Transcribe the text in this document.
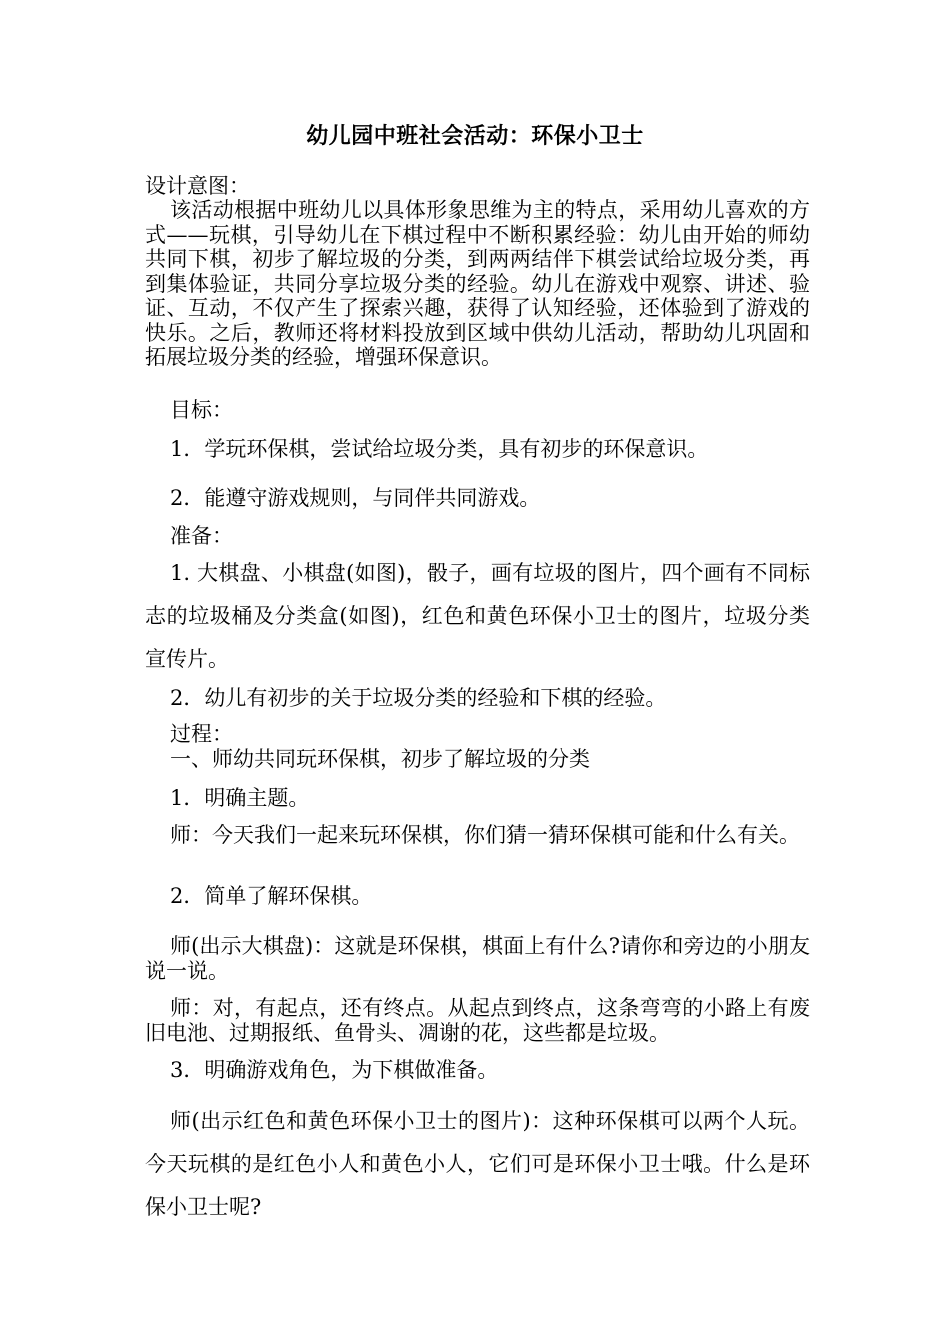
幼儿园中班社会活动：环保小卫士

设计意图：

该活动根据中班幼儿以具体形象思维为主的特点，采用幼儿喜欢的方式——玩棋，引导幼儿在下棋过程中不断积累经验：幼儿由开始的师幼共同下棋，初步了解垃圾的分类，到两两结伴下棋尝试给垃圾分类，再到集体验证，共同分享垃圾分类的经验。幼儿在游戏中观察、讲述、验证、互动，不仅产生了探索兴趣，获得了认知经验，还体验到了游戏的快乐。之后，教师还将材料投放到区域中供幼儿活动，帮助幼儿巩固和拓展垃圾分类的经验，增强环保意识。

目标：

1．学玩环保棋，尝试给垃圾分类，具有初步的环保意识。

2．能遵守游戏规则，与同伴共同游戏。

准备：

1. 大棋盘、小棋盘(如图)，骰子，画有垃圾的图片，四个画有不同标志的垃圾桶及分类盒(如图)，红色和黄色环保小卫士的图片，垃圾分类宣传片。

2．幼儿有初步的关于垃圾分类的经验和下棋的经验。

过程：

一、师幼共同玩环保棋，初步了解垃圾的分类

1．明确主题。

师：今天我们一起来玩环保棋，你们猜一猜环保棋可能和什么有关。

2．简单了解环保棋。

师(出示大棋盘)：这就是环保棋，棋面上有什么?请你和旁边的小朋友说一说。

师：对，有起点，还有终点。从起点到终点，这条弯弯的小路上有废旧电池、过期报纸、鱼骨头、凋谢的花，这些都是垃圾。

3．明确游戏角色，为下棋做准备。

师(出示红色和黄色环保小卫士的图片)：这种环保棋可以两个人玩。今天玩棋的是红色小人和黄色小人，它们可是环保小卫士哦。什么是环保小卫士呢?
